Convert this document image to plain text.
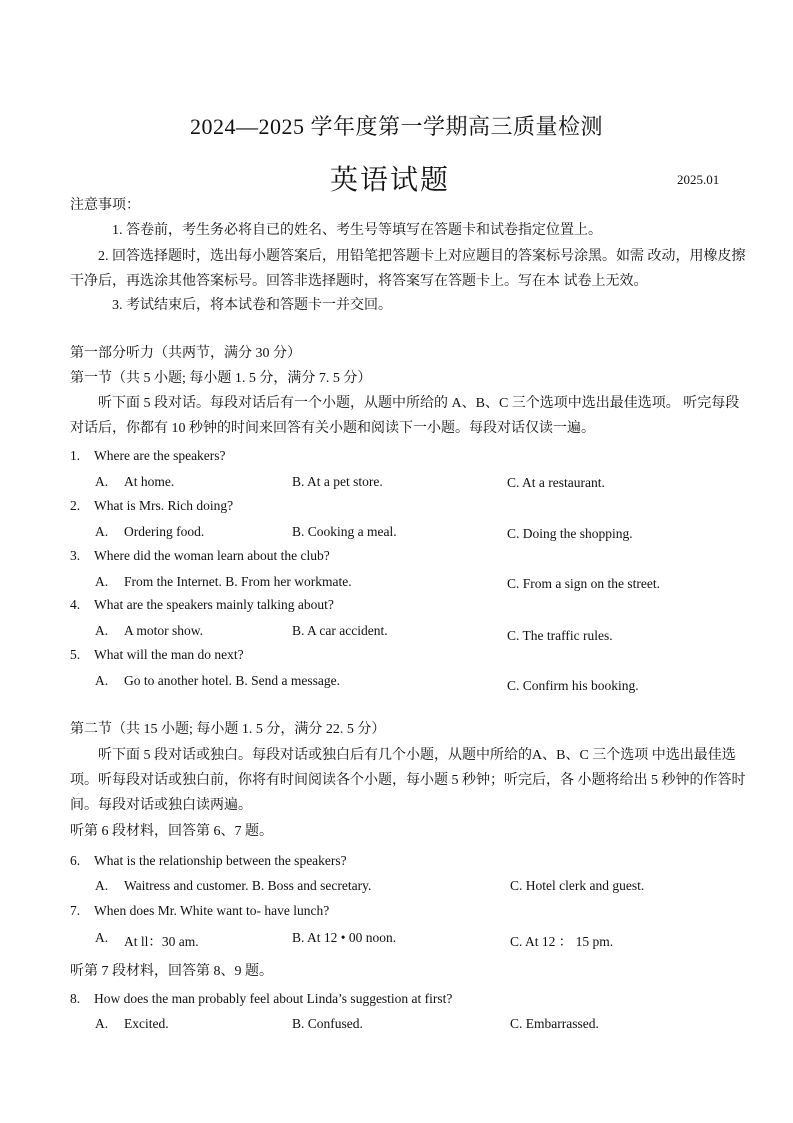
2024—2025 学年度第一学期高三质量检测
英语试题	2025.01
注意事项：
1. 答卷前，考生务必将自已的姓名、考生号等填写在答题卡和试卷指定位置上。
2. 回答选择题时，选出每小题答案后，用铅笔把答题卡上对应题目的答案标号涂黑。如需 改动，用橡皮擦干净后，再选涂其他答案标号。回答非选择题时，将答案写在答题卡上。写在本 试卷上无效。
3. 考试结束后，将本试卷和答题卡一并交回。
第一部分听力（共两节，满分 30 分）
第一节（共 5 小题; 每小题 1. 5 分，满分 7. 5 分）
听下面 5 段对话。每段对话后有一个小题，从题中所给的 A、B、C 三个选项中选出最佳选项。 听完每段对话后，你都有 10 秒钟的时间来回答有关小题和阅读下一小题。每段对话仅读一遍。
1. Where are the speakers?
A. At home.	B. At a pet store.	C. At a restaurant.
2. What is Mrs. Rich doing?
A. Ordering food.	B. Cooking a meal.	C. Doing the shopping.
3. Where did the woman learn about the club?
A. From the Internet. B. From her workmate.	C. From a sign on the street.
4. What are the speakers mainly talking about?
A. A motor show.	B. A car accident.	C. The traffic rules.
5. What will the man do next?
A. Go to another hotel. B. Send a message.	C. Confirm his booking.
第二节（共 15 小题; 每小题 1. 5 分，满分 22. 5 分）
听下面 5 段对话或独白。每段对话或独白后有几个小题，从题中所给的A、B、C 三个选项 中选出最佳选项。听每段对话或独白前，你将有时间阅读各个小题，每小题 5 秒钟；听完后，各 小题将给出 5 秒钟的作答时间。每段对话或独白读两遍。
听第 6 段材料，回答第 6、7 题。
6. What is the relationship between the speakers?
A. Waitress and customer. B. Boss and secretary.	C. Hotel clerk and guest.
7. When does Mr. White want to- have lunch?
A. At ll：30 am.	B. At 12 • 00 noon.	C. At 12 ： 15 pm.
听第 7 段材料，回答第 8、9 题。
8. How does the man probably feel about Linda’s suggestion at first?
A. Excited.	B. Confused.	C. Embarrassed.
